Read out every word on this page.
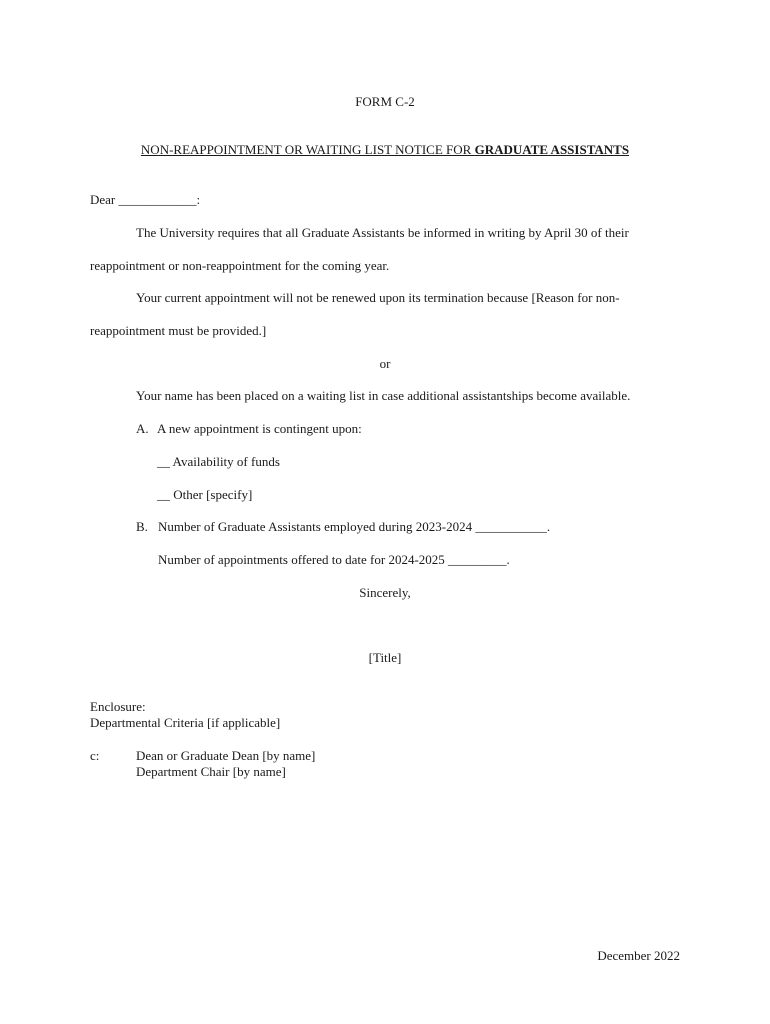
FORM C-2
NON-REAPPOINTMENT OR WAITING LIST NOTICE FOR GRADUATE ASSISTANTS
Dear ____________:
The University requires that all Graduate Assistants be informed in writing by April 30 of their
reappointment or non-reappointment for the coming year.
Your current appointment will not be renewed upon its termination because [Reason for non-
reappointment must be provided.]
or
Your name has been placed on a waiting list in case additional assistantships become available.
A. A new appointment is contingent upon:
__ Availability of funds
__ Other [specify]
B. Number of Graduate Assistants employed during 2023-2024 ___________.
Number of appointments offered to date for 2024-2025 _________.
Sincerely,
[Title]
Enclosure:
Departmental Criteria [if applicable]
c:	Dean or Graduate Dean [by name]
Department Chair [by name]
December 2022
